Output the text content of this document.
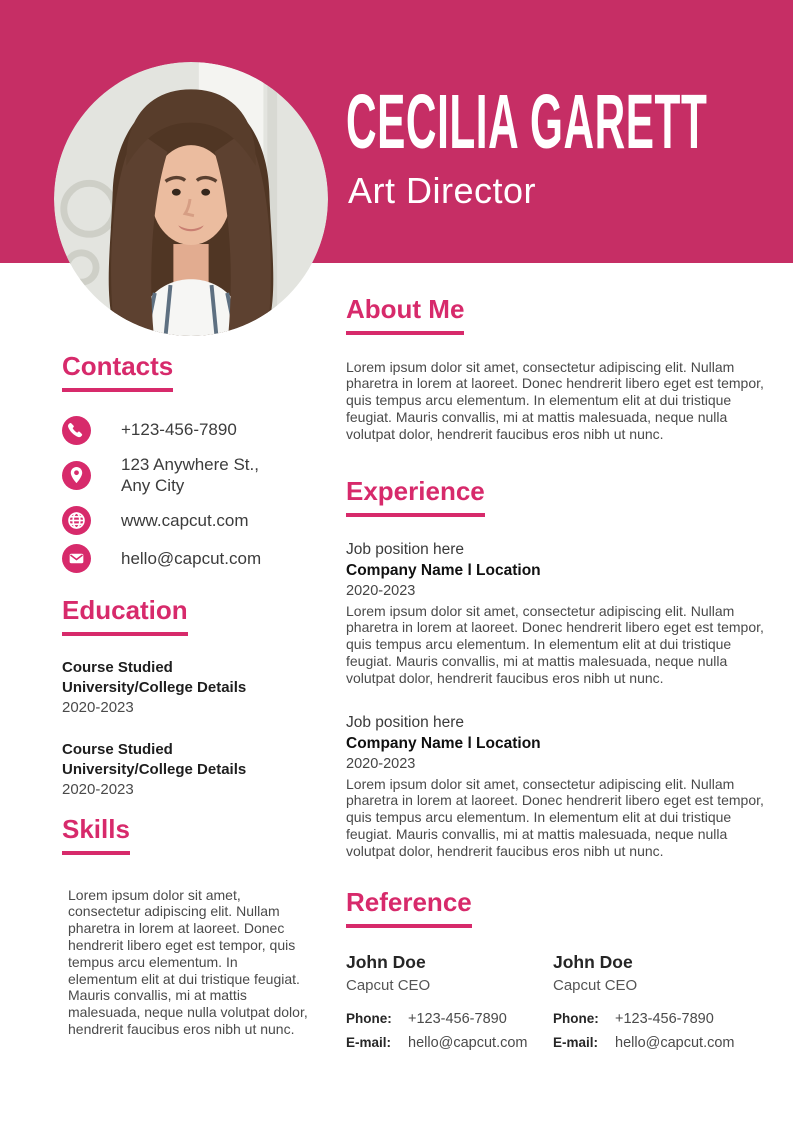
CECILIA GARETT
Art Director
Contacts
+123-456-7890
123 Anywhere St., Any City
www.capcut.com
hello@capcut.com
Education
Course Studied
University/College Details
2020-2023
Course Studied
University/College Details
2020-2023
Skills
Lorem ipsum dolor sit amet, consectetur adipiscing elit. Nullam pharetra in lorem at laoreet. Donec hendrerit libero eget est tempor, quis tempus arcu elementum. In elementum elit at dui tristique feugiat. Mauris convallis, mi at mattis malesuada, neque nulla volutpat dolor, hendrerit faucibus eros nibh ut nunc.
About Me
Lorem ipsum dolor sit amet, consectetur adipiscing elit. Nullam pharetra in lorem at laoreet. Donec hendrerit libero eget est tempor, quis tempus arcu elementum. In elementum elit at dui tristique feugiat. Mauris convallis, mi at mattis malesuada, neque nulla volutpat dolor, hendrerit faucibus eros nibh ut nunc.
Experience
Job position here
Company Name l Location
2020-2023
Lorem ipsum dolor sit amet, consectetur adipiscing elit. Nullam pharetra in lorem at laoreet. Donec hendrerit libero eget est tempor, quis tempus arcu elementum. In elementum elit at dui tristique feugiat. Mauris convallis, mi at mattis malesuada, neque nulla volutpat dolor, hendrerit faucibus eros nibh ut nunc.
Job position here
Company Name l Location
2020-2023
Lorem ipsum dolor sit amet, consectetur adipiscing elit. Nullam pharetra in lorem at laoreet. Donec hendrerit libero eget est tempor, quis tempus arcu elementum. In elementum elit at dui tristique feugiat. Mauris convallis, mi at mattis malesuada, neque nulla volutpat dolor, hendrerit faucibus eros nibh ut nunc.
Reference
John Doe
Capcut CEO
Phone:	+123-456-7890
E-mail:	hello@capcut.com
John Doe
Capcut CEO
Phone:	+123-456-7890
E-mail:	hello@capcut.com
